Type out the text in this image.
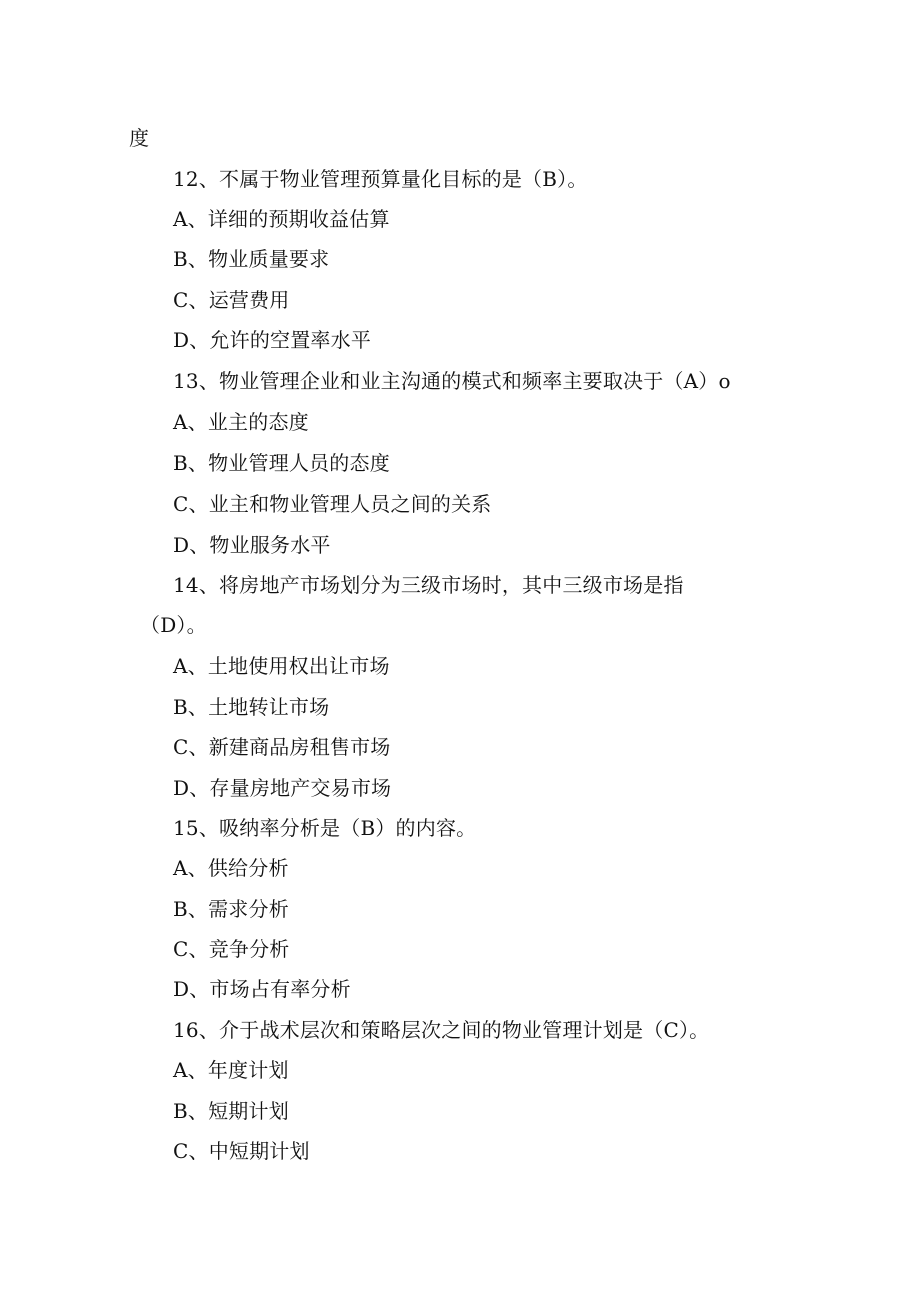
度
12、不属于物业管理预算量化目标的是（B）。
A、详细的预期收益估算
B、物业质量要求
C、运营费用
D、允许的空置率水平
13、物业管理企业和业主沟通的模式和频率主要取决于（A）o
A、业主的态度
B、物业管理人员的态度
C、业主和物业管理人员之间的关系
D、物业服务水平
14、将房地产市场划分为三级市场时，其中三级市场是指
（D）。
A、土地使用权出让市场
B、土地转让市场
C、新建商品房租售市场
D、存量房地产交易市场
15、吸纳率分析是（B）的内容。
A、供给分析
B、需求分析
C、竞争分析
D、市场占有率分析
16、介于战术层次和策略层次之间的物业管理计划是（C）。
A、年度计划
B、短期计划
C、中短期计划
